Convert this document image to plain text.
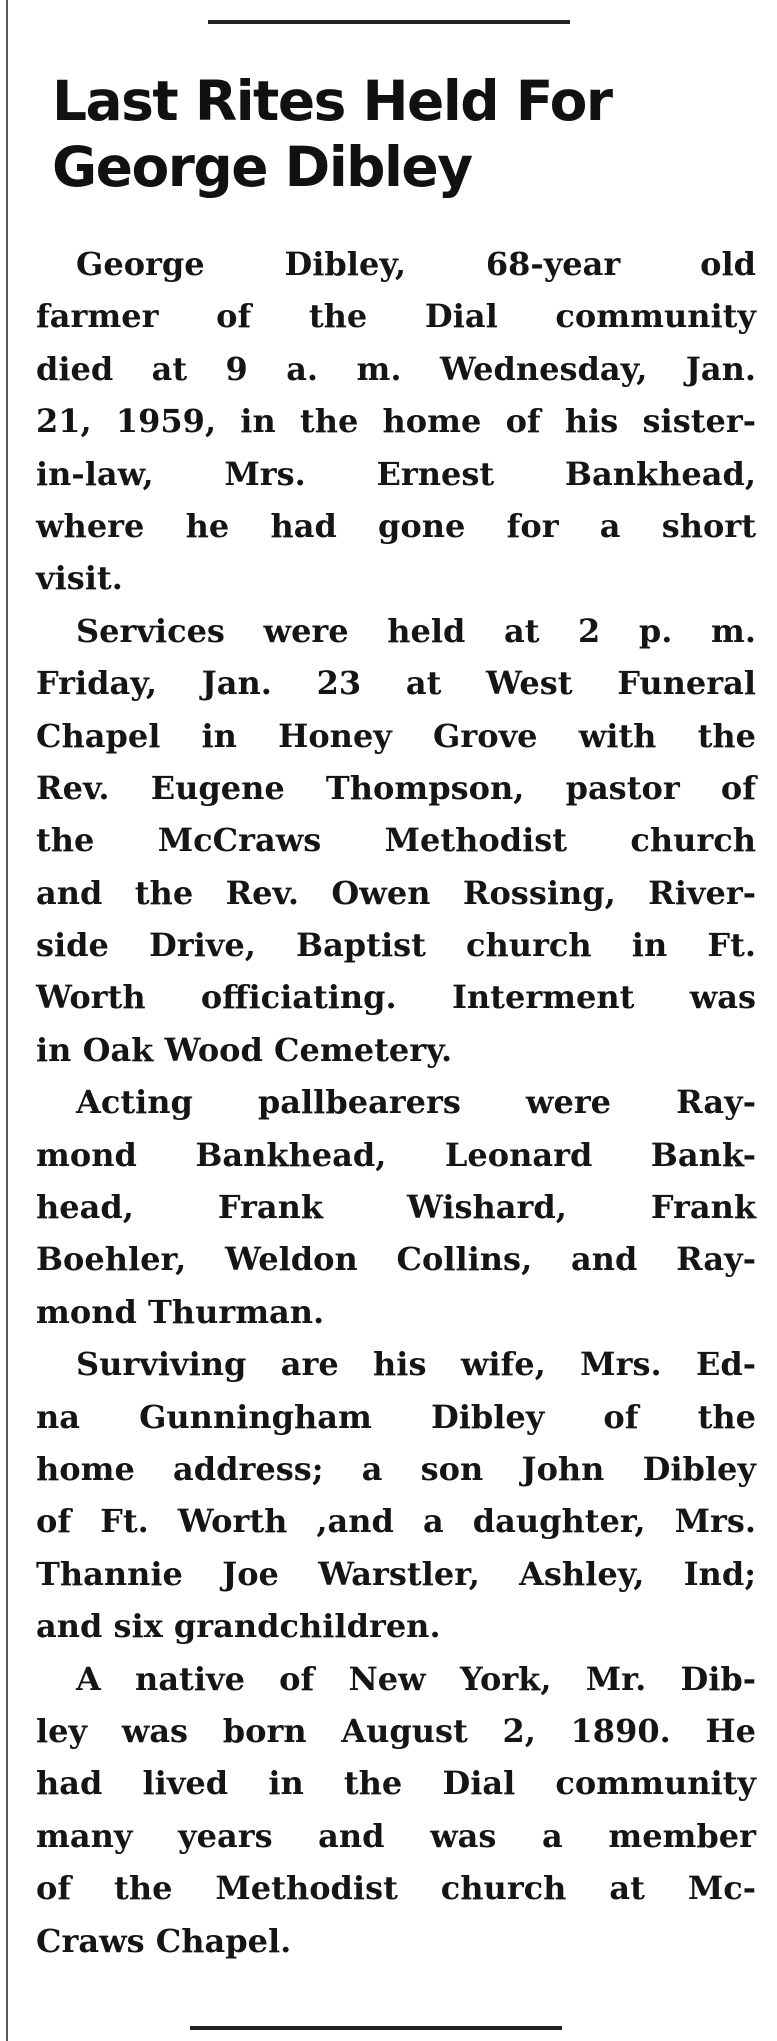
Last Rites Held For
George Dibley
George Dibley, 68-year old
farmer of the Dial community
died at 9 a. m. Wednesday, Jan.
21, 1959, in the home of his sister-
in-law, Mrs. Ernest Bankhead,
where he had gone for a short
visit.
Services were held at 2 p. m.
Friday, Jan. 23 at West Funeral
Chapel in Honey Grove with the
Rev. Eugene Thompson, pastor of
the McCraws Methodist church
and the Rev. Owen Rossing, River-
side Drive, Baptist church in Ft.
Worth officiating. Interment was
in Oak Wood Cemetery.
Acting pallbearers were Ray-
mond Bankhead, Leonard Bank-
head, Frank Wishard, Frank
Boehler, Weldon Collins, and Ray-
mond Thurman.
Surviving are his wife, Mrs. Ed-
na Gunningham Dibley of the
home address; a son John Dibley
of Ft. Worth ,and a daughter, Mrs.
Thannie Joe Warstler, Ashley, Ind;
and six grandchildren.
A native of New York, Mr. Dib-
ley was born August 2, 1890. He
had lived in the Dial community
many years and was a member
of the Methodist church at Mc-
Craws Chapel.
